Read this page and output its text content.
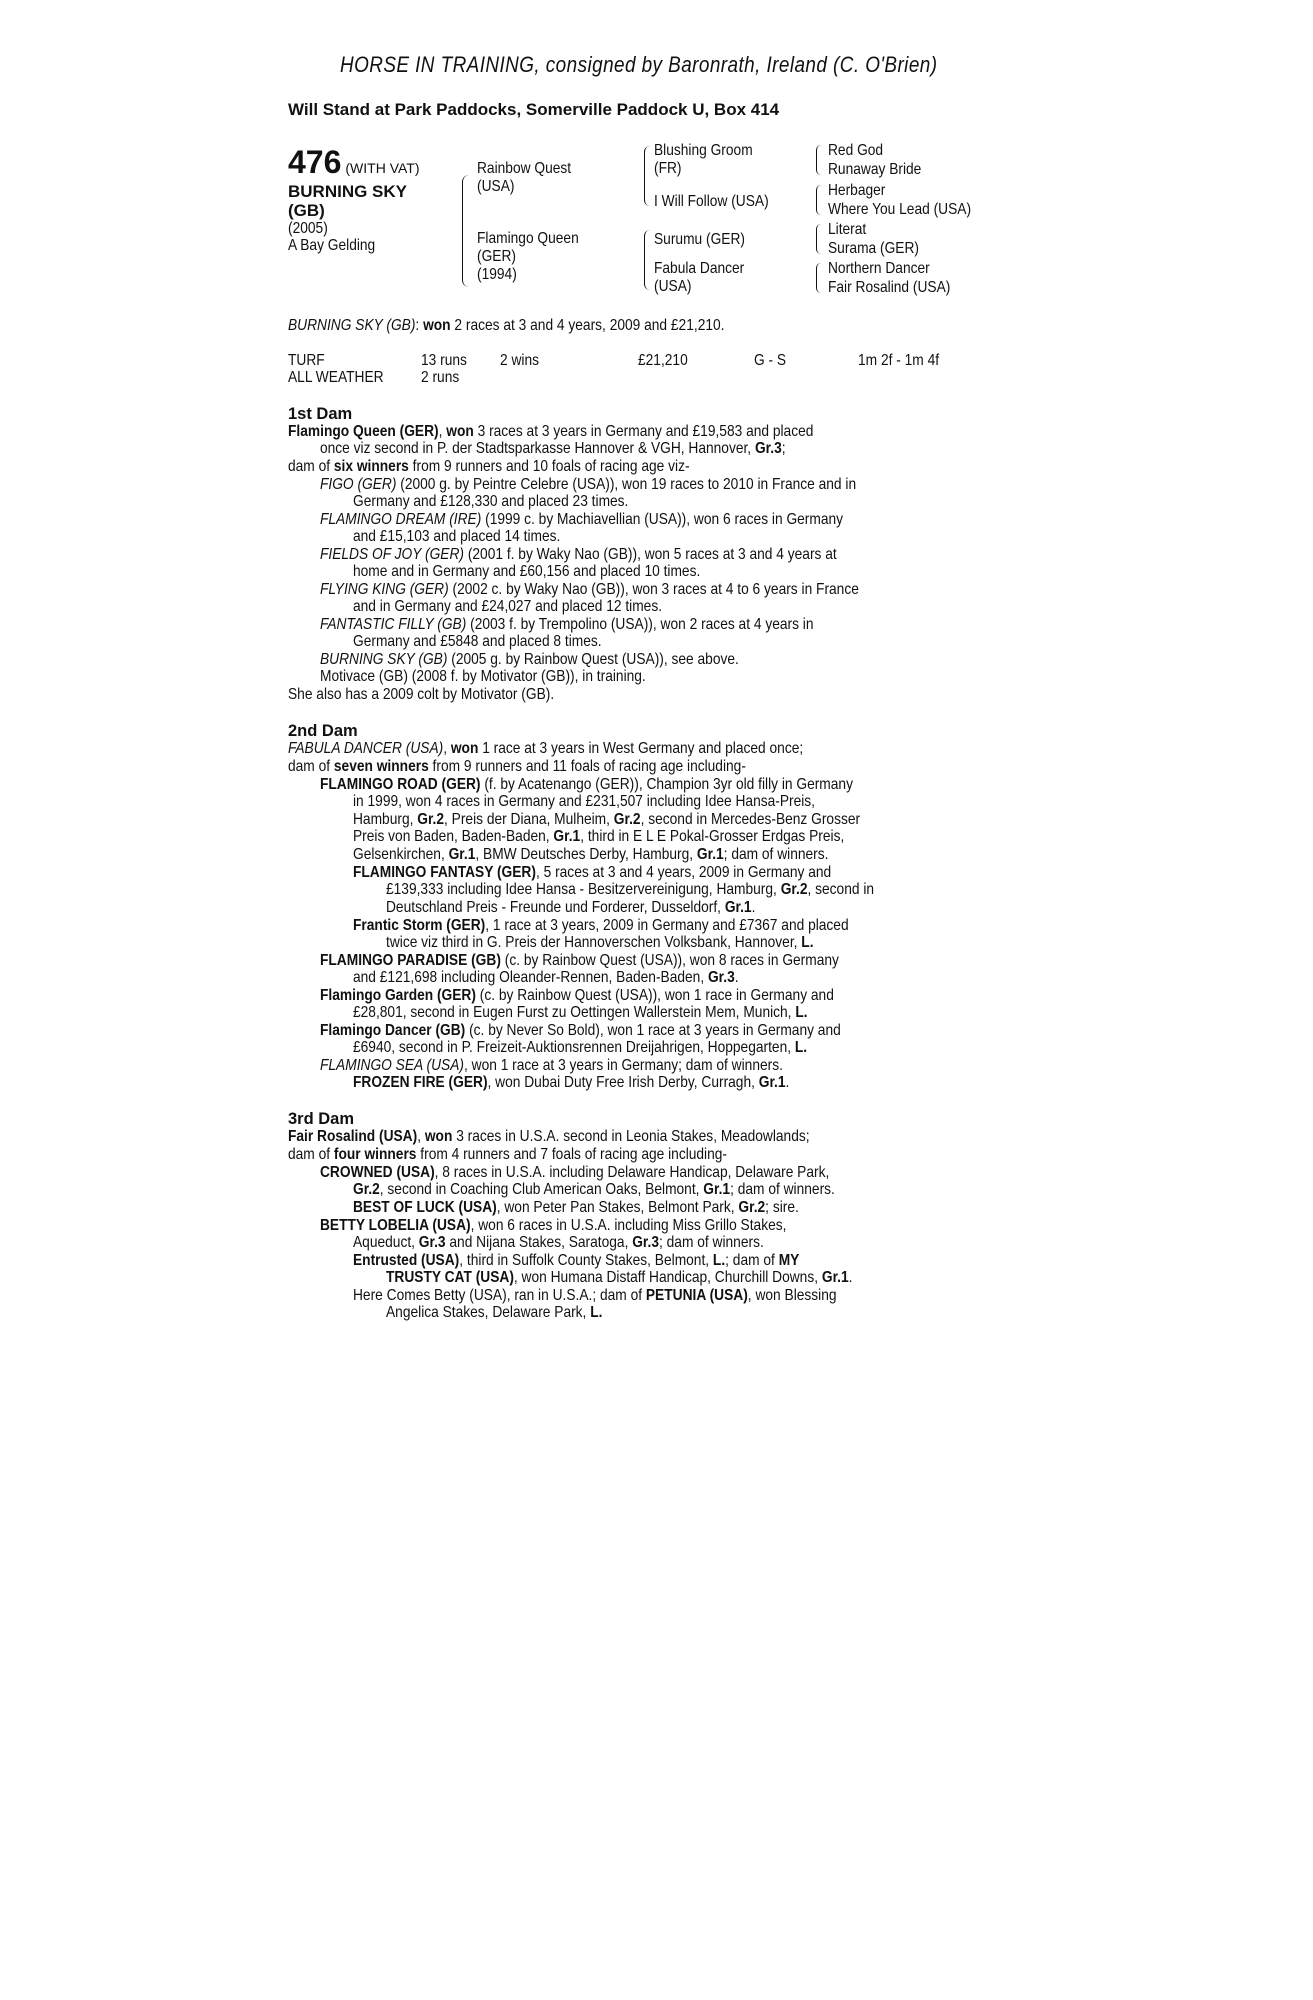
HORSE IN TRAINING, consigned by Baronrath, Ireland (C. O'Brien)
Will Stand at Park Paddocks, Somerville Paddock U, Box 414
476 (WITH VAT)
BURNING SKY
(GB)
(2005)
A Bay Gelding
Rainbow Quest
(USA)
Flamingo Queen
(GER)
(1994)
Blushing Groom
(FR)
I Will Follow (USA)
Surumu (GER)
Fabula Dancer
(USA)
Red God
Runaway Bride
Herbager
Where You Lead (USA)
Literat
Surama (GER)
Northern Dancer
Fair Rosalind (USA)
BURNING SKY (GB): won 2 races at 3 and 4 years, 2009 and £21,210.
TURF	13 runs	2 wins	£21,210	G - S	1m 2f - 1m 4f
ALL WEATHER	2 runs
1st Dam
Flamingo Queen (GER), won 3 races at 3 years in Germany and £19,583 and placed
once viz second in P. der Stadtsparkasse Hannover & VGH, Hannover, Gr.3;
dam of six winners from 9 runners and 10 foals of racing age viz-
FIGO (GER) (2000 g. by Peintre Celebre (USA)), won 19 races to 2010 in France and in
Germany and £128,330 and placed 23 times.
FLAMINGO DREAM (IRE) (1999 c. by Machiavellian (USA)), won 6 races in Germany
and £15,103 and placed 14 times.
FIELDS OF JOY (GER) (2001 f. by Waky Nao (GB)), won 5 races at 3 and 4 years at
home and in Germany and £60,156 and placed 10 times.
FLYING KING (GER) (2002 c. by Waky Nao (GB)), won 3 races at 4 to 6 years in France
and in Germany and £24,027 and placed 12 times.
FANTASTIC FILLY (GB) (2003 f. by Trempolino (USA)), won 2 races at 4 years in
Germany and £5848 and placed 8 times.
BURNING SKY (GB) (2005 g. by Rainbow Quest (USA)), see above.
Motivace (GB) (2008 f. by Motivator (GB)), in training.
She also has a 2009 colt by Motivator (GB).
2nd Dam
FABULA DANCER (USA), won 1 race at 3 years in West Germany and placed once;
dam of seven winners from 9 runners and 11 foals of racing age including-
FLAMINGO ROAD (GER) (f. by Acatenango (GER)), Champion 3yr old filly in Germany
in 1999, won 4 races in Germany and £231,507 including Idee Hansa-Preis,
Hamburg, Gr.2, Preis der Diana, Mulheim, Gr.2, second in Mercedes-Benz Grosser
Preis von Baden, Baden-Baden, Gr.1, third in E L E Pokal-Grosser Erdgas Preis,
Gelsenkirchen, Gr.1, BMW Deutsches Derby, Hamburg, Gr.1; dam of winners.
FLAMINGO FANTASY (GER), 5 races at 3 and 4 years, 2009 in Germany and
£139,333 including Idee Hansa - Besitzervereinigung, Hamburg, Gr.2, second in
Deutschland Preis - Freunde und Forderer, Dusseldorf, Gr.1.
Frantic Storm (GER), 1 race at 3 years, 2009 in Germany and £7367 and placed
twice viz third in G. Preis der Hannoverschen Volksbank, Hannover, L.
FLAMINGO PARADISE (GB) (c. by Rainbow Quest (USA)), won 8 races in Germany
and £121,698 including Oleander-Rennen, Baden-Baden, Gr.3.
Flamingo Garden (GER) (c. by Rainbow Quest (USA)), won 1 race in Germany and
£28,801, second in Eugen Furst zu Oettingen Wallerstein Mem, Munich, L.
Flamingo Dancer (GB) (c. by Never So Bold), won 1 race at 3 years in Germany and
£6940, second in P. Freizeit-Auktionsrennen Dreijahrigen, Hoppegarten, L.
FLAMINGO SEA (USA), won 1 race at 3 years in Germany; dam of winners.
FROZEN FIRE (GER), won Dubai Duty Free Irish Derby, Curragh, Gr.1.
3rd Dam
Fair Rosalind (USA), won 3 races in U.S.A. second in Leonia Stakes, Meadowlands;
dam of four winners from 4 runners and 7 foals of racing age including-
CROWNED (USA), 8 races in U.S.A. including Delaware Handicap, Delaware Park,
Gr.2, second in Coaching Club American Oaks, Belmont, Gr.1; dam of winners.
BEST OF LUCK (USA), won Peter Pan Stakes, Belmont Park, Gr.2; sire.
BETTY LOBELIA (USA), won 6 races in U.S.A. including Miss Grillo Stakes,
Aqueduct, Gr.3 and Nijana Stakes, Saratoga, Gr.3; dam of winners.
Entrusted (USA), third in Suffolk County Stakes, Belmont, L.; dam of MY
TRUSTY CAT (USA), won Humana Distaff Handicap, Churchill Downs, Gr.1.
Here Comes Betty (USA), ran in U.S.A.; dam of PETUNIA (USA), won Blessing
Angelica Stakes, Delaware Park, L.
